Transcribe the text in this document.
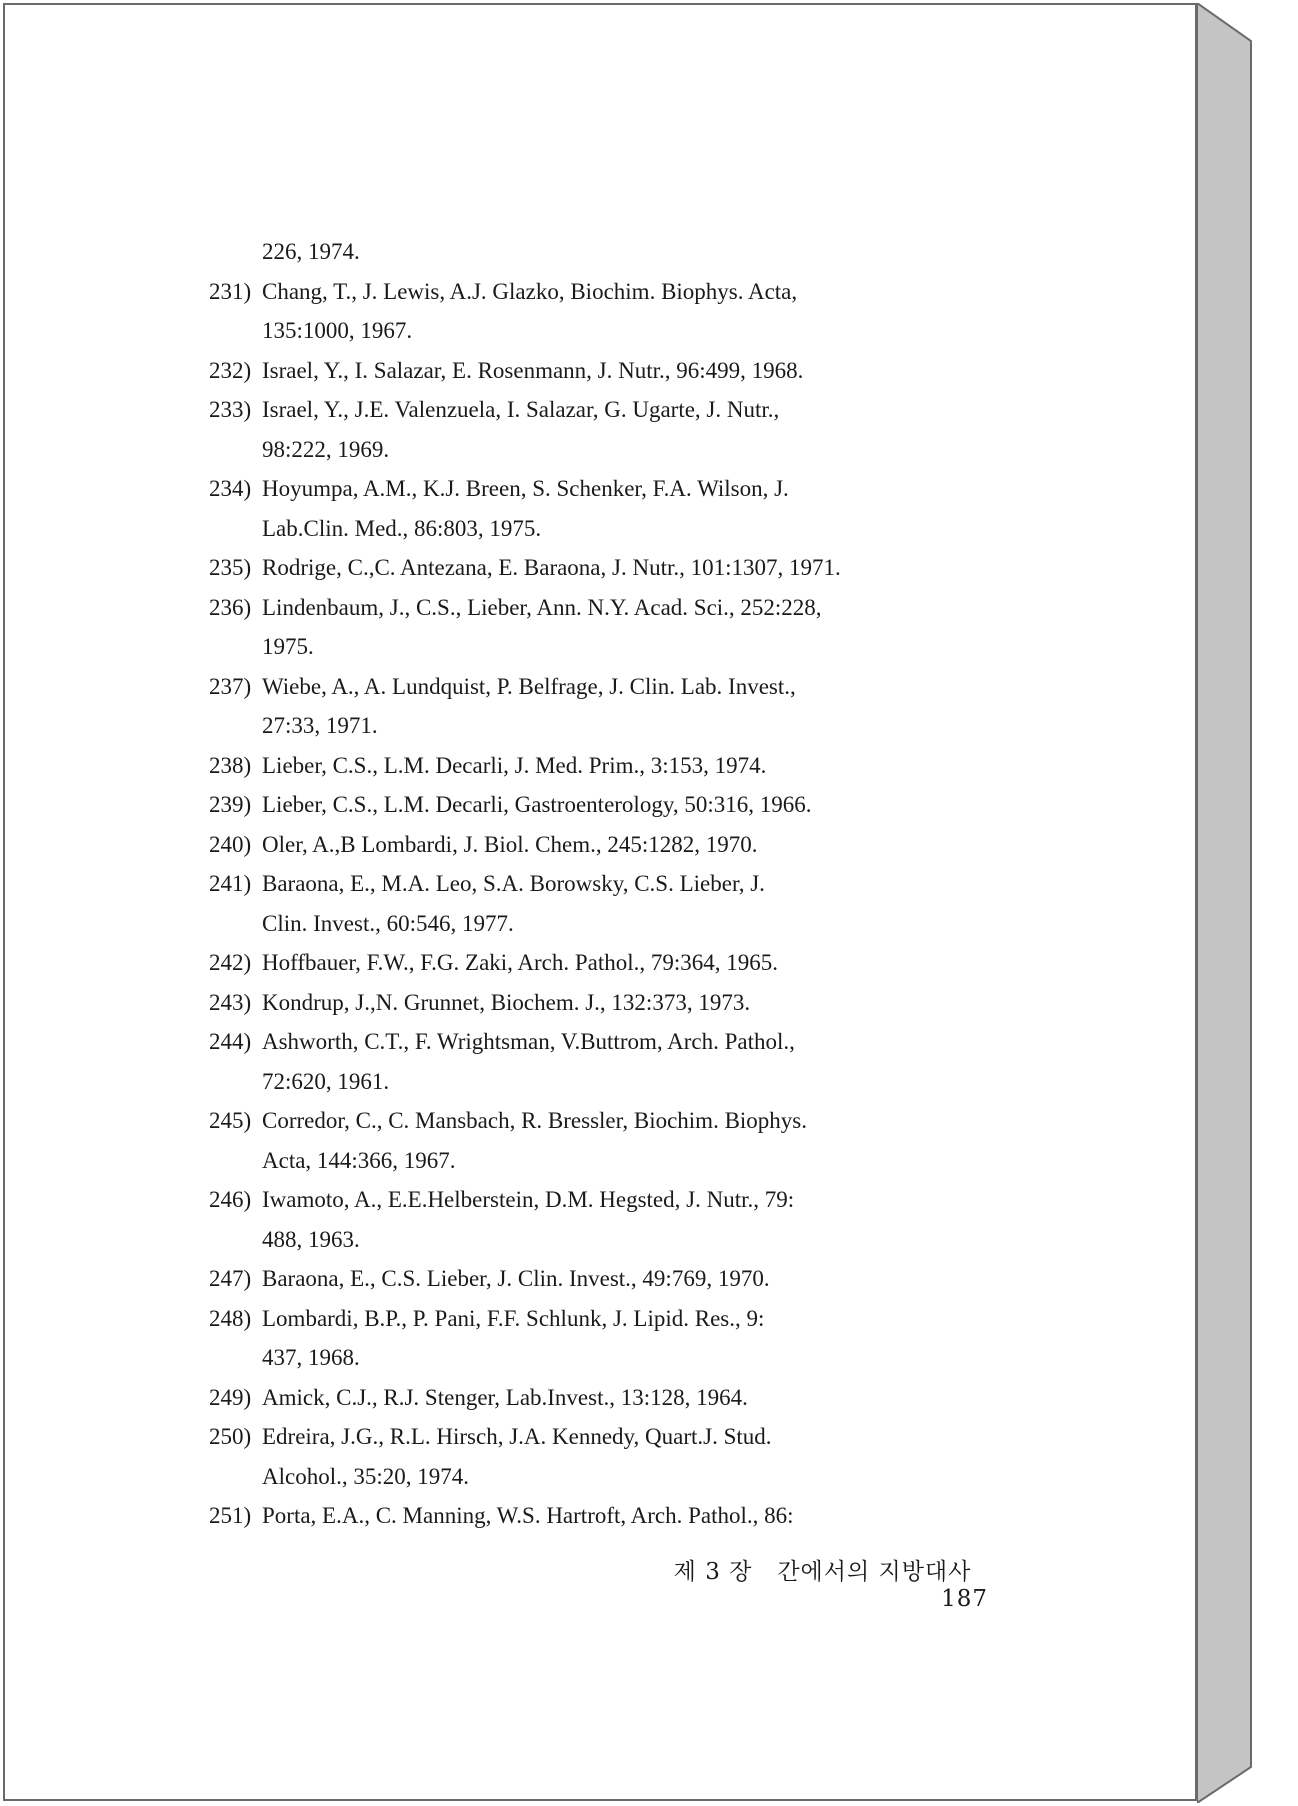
226, 1974.
231) Chang, T., J. Lewis, A.J. Glazko, Biochim. Biophys. Acta,
135:1000, 1967.
232) Israel, Y., I. Salazar, E. Rosenmann, J. Nutr., 96:499, 1968.
233) Israel, Y., J.E. Valenzuela, I. Salazar, G. Ugarte, J. Nutr.,
98:222, 1969.
234) Hoyumpa, A.M., K.J. Breen, S. Schenker, F.A. Wilson, J.
Lab.Clin. Med., 86:803, 1975.
235) Rodrige, C.,C. Antezana, E. Baraona, J. Nutr., 101:1307, 1971.
236) Lindenbaum, J., C.S., Lieber, Ann. N.Y. Acad. Sci., 252:228,
1975.
237) Wiebe, A., A. Lundquist, P. Belfrage, J. Clin. Lab. Invest.,
27:33, 1971.
238) Lieber, C.S., L.M. Decarli, J. Med. Prim., 3:153, 1974.
239) Lieber, C.S., L.M. Decarli, Gastroenterology, 50:316, 1966.
240) Oler, A.,B Lombardi, J. Biol. Chem., 245:1282, 1970.
241) Baraona, E., M.A. Leo, S.A. Borowsky, C.S. Lieber, J.
Clin. Invest., 60:546, 1977.
242) Hoffbauer, F.W., F.G. Zaki, Arch. Pathol., 79:364, 1965.
243) Kondrup, J.,N. Grunnet, Biochem. J., 132:373, 1973.
244) Ashworth, C.T., F. Wrightsman, V.Buttrom, Arch. Pathol.,
72:620, 1961.
245) Corredor, C., C. Mansbach, R. Bressler, Biochim. Biophys.
Acta, 144:366, 1967.
246) Iwamoto, A., E.E.Helberstein, D.M. Hegsted, J. Nutr., 79:
488, 1963.
247) Baraona, E., C.S. Lieber, J. Clin. Invest., 49:769, 1970.
248) Lombardi, B.P., P. Pani, F.F. Schlunk, J. Lipid. Res., 9:
437, 1968.
249) Amick, C.J., R.J. Stenger, Lab.Invest., 13:128, 1964.
250) Edreira, J.G., R.L. Hirsch, J.A. Kennedy, Quart.J. Stud.
Alcohol., 35:20, 1974.
251) Porta, E.A., C. Manning, W.S. Hartroft, Arch. Pathol., 86:
제 3 장 간에서의 지방대사   187
